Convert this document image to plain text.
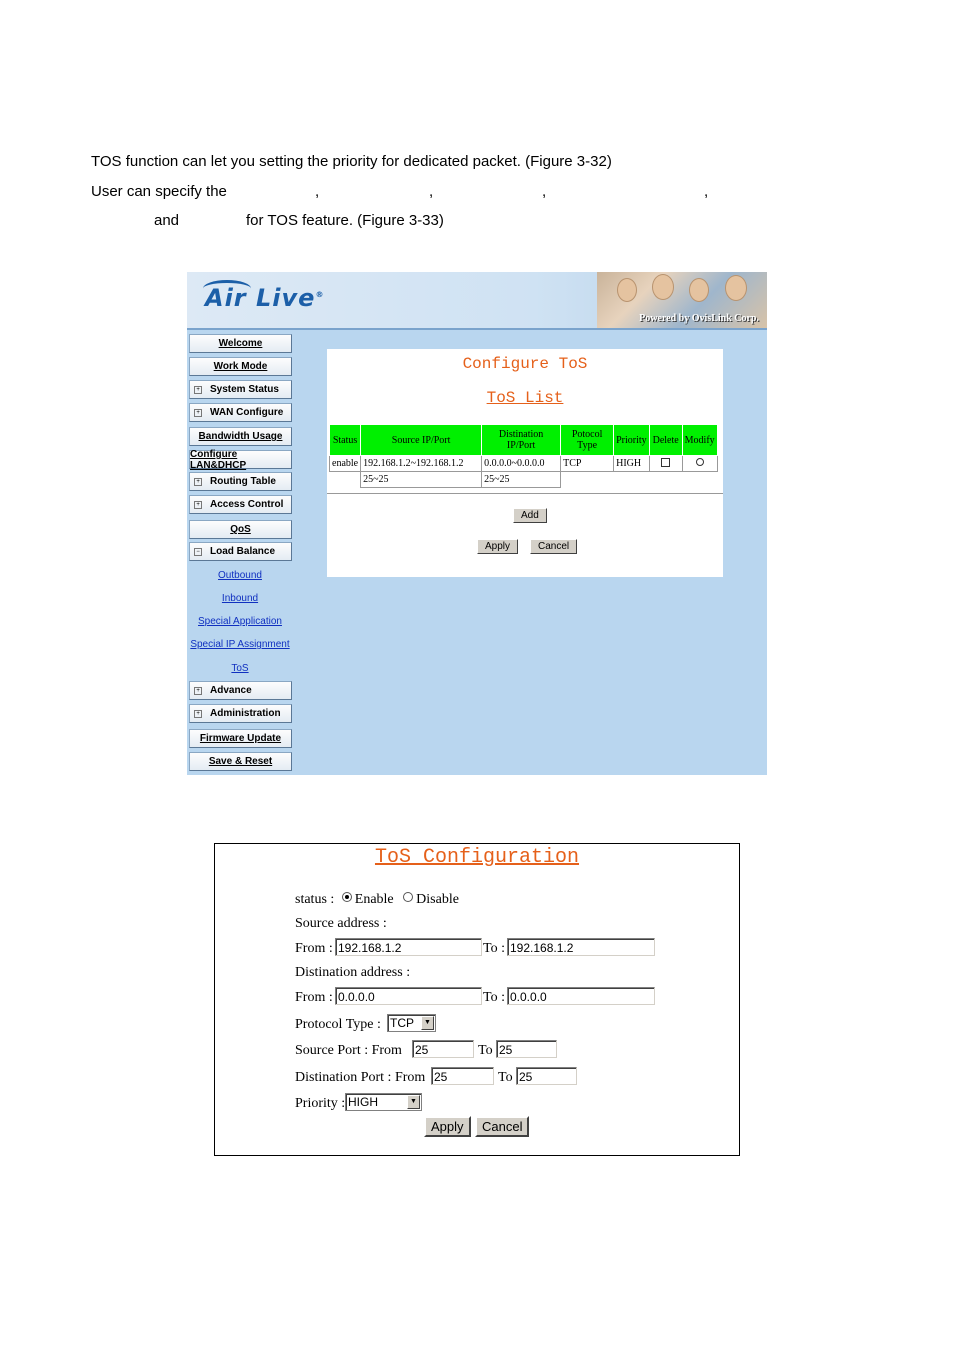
TOS function can let you setting the priority for dedicated packet. (Figure 3-32)
User can specify the	,	,	,	,
and	for TOS feature. (Figure 3-33)
Air Live®
Powered by OvisLink Corp.
Welcome
Work Mode
+ System Status
+ WAN Configure
Bandwidth Usage
Configure LAN&DHCP
+ Routing Table
+ Access Control
QoS
− Load Balance
Outbound
Inbound
Special Application
Special IP Assignment
ToS
+ Advance
+ Administration
Firmware Update
Save & Reset
Configure ToS
ToS List
Status	Source IP/Port	Distination IP/Port	Potocol Type	Priority	Delete	Modify
enable	192.168.1.2~192.168.1.2	0.0.0.0~0.0.0.0	TCP	HIGH		
	25~25	25~25				
Add
Apply	Cancel
ToS Configuration
status : Enable Disable
Source address :
From : 192.168.1.2	To : 192.168.1.2
Distination address :
From : 0.0.0.0	To : 0.0.0.0
Protocol Type : TCP	▼
Source Port : From 25	To 25
Distination Port : From 25	To 25
Priority : HIGH	▼
Apply	Cancel
